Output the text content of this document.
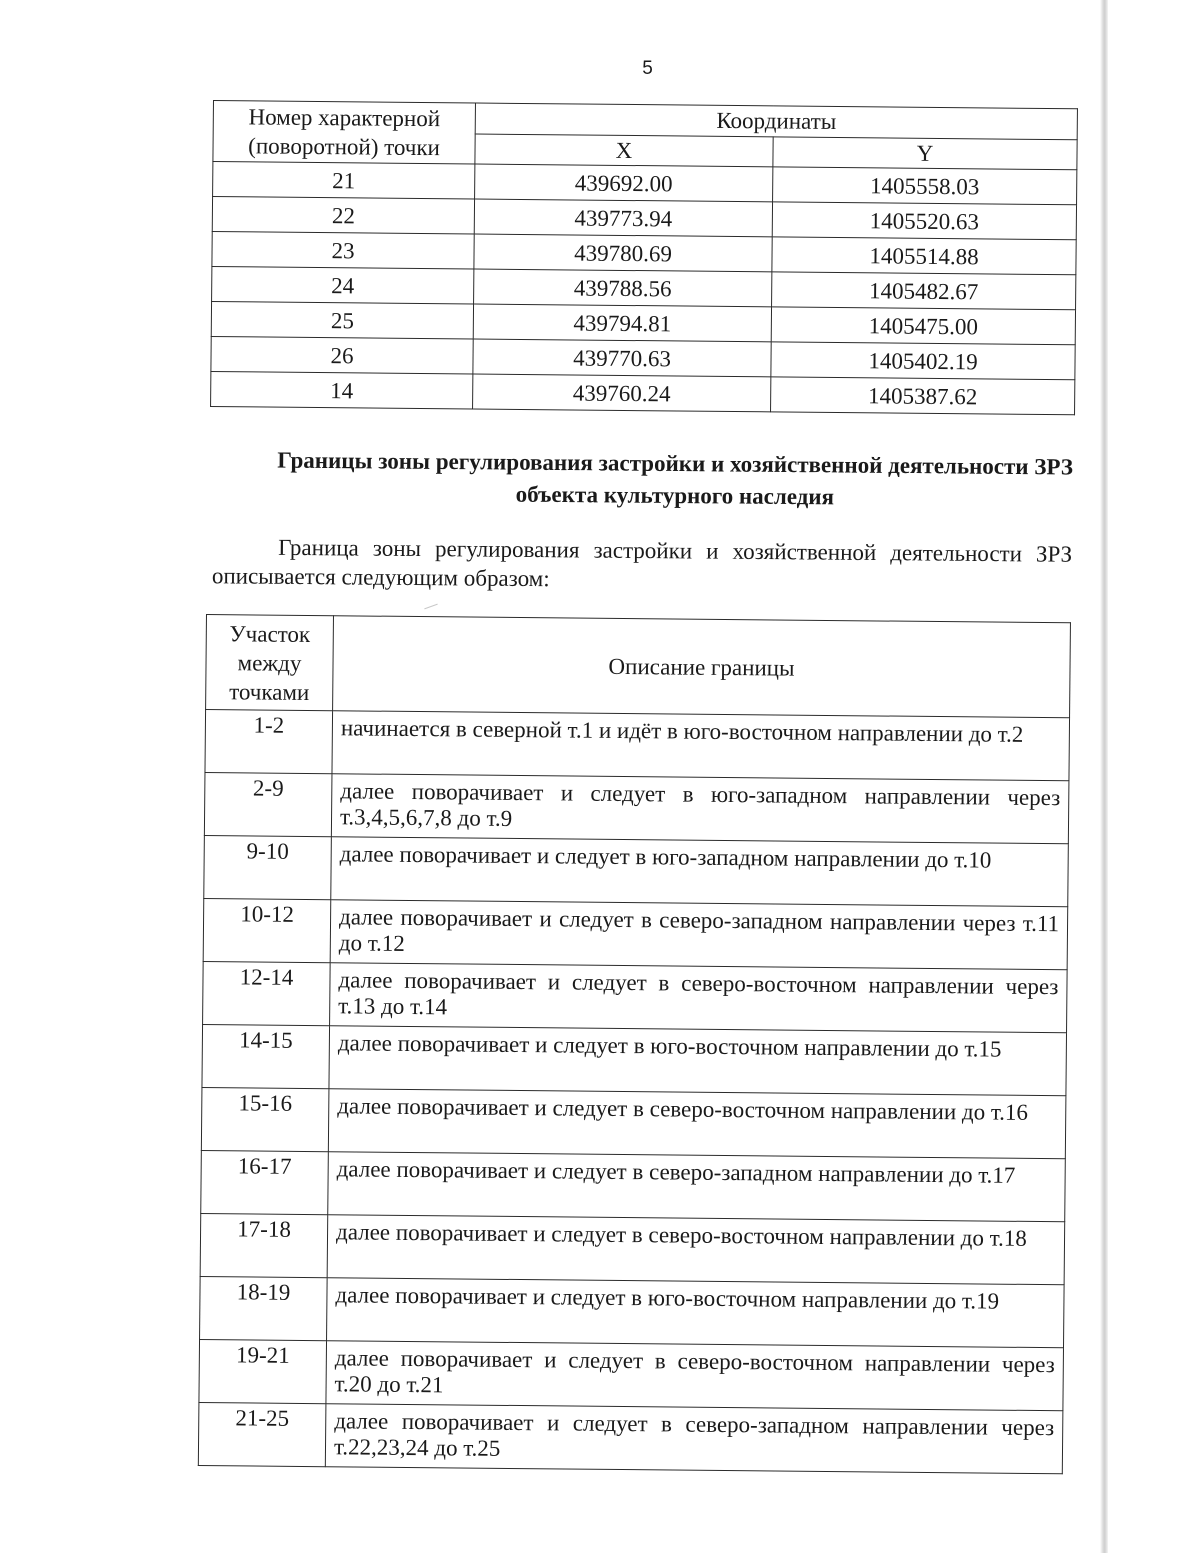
5
Номер характерной (поворотной) точки	Координаты	
	X	Y
21	439692.00	1405558.03
22	439773.94	1405520.63
23	439780.69	1405514.88
24	439788.56	1405482.67
25	439794.81	1405475.00
26	439770.63	1405402.19
14	439760.24	1405387.62
Границы зоны регулирования застройки и хозяйственной деятельности ЗРЗ объекта культурного наследия
Граница зоны регулирования застройки и хозяйственной деятельности ЗРЗ описывается следующим образом:
Участок между точками	Описание границы
1-2	начинается в северной т.1 и идёт в юго-восточном направлении до т.2
2-9	далее поворачивает и следует в юго-западном направлении через т.3,4,5,6,7,8 до т.9
9-10	далее поворачивает и следует в юго-западном направлении до т.10
10-12	далее поворачивает и следует в северо-западном направлении через т.11 до т.12
12-14	далее поворачивает и следует в северо-восточном направлении через т.13 до т.14
14-15	далее поворачивает и следует в юго-восточном направлении до т.15
15-16	далее поворачивает и следует в северо-восточном направлении до т.16
16-17	далее поворачивает и следует в северо-западном направлении до т.17
17-18	далее поворачивает и следует в северо-восточном направлении до т.18
18-19	далее поворачивает и следует в юго-восточном направлении до т.19
19-21	далее поворачивает и следует в северо-восточном направлении через т.20 до т.21
21-25	далее поворачивает и следует в северо-западном направлении через т.22,23,24 до т.25
